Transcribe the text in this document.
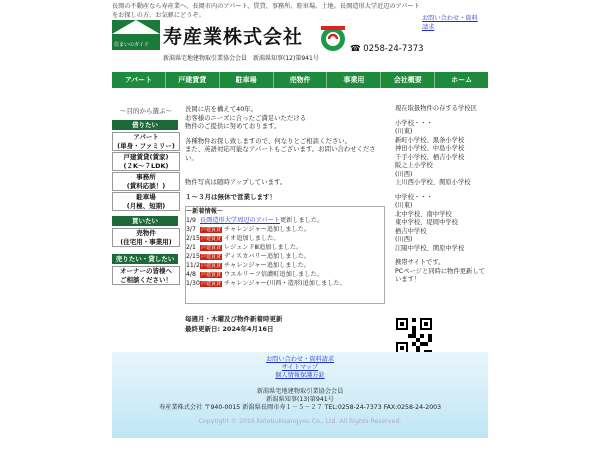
長岡の不動産なら寿産業へ。長岡市内のアパート、賃貸、事務所、駐車場、土地。長岡造形大学近辺のアパートをお探しの方、お気軽にどうぞ。	お問い合わせ・資料請求
住まいのガイド 寿産業株式会社
☎ 0258-24-7373
新潟県宅地建物取引業協会会員　新潟県知事(12)第941号
アパート	戸建賃貸	駐車場	売物件	事業用	会社概要	ホーム
～目的から選ぶ～
借りたい
アパート
(単身・ファミリー)
戸建賃貸(賃家)
(２K～７LDK)
事務所
(賃料応談！)
駐車場
(月極、短期)
買いたい
売物件
(住宅用・事業用)
売りたい・貸したい
オーナーの皆様へ
ご相談ください！

長岡に店を構えて40年。
お客様のニーズに合ったご満足いただける
物件のご提供に努めております。

各種物件お探し致しますので、何なりとご相談ください。
また、英語対応可能なアパートもございます。お問い合わせください。

物件写真は随時アップしています。
１～３月は無休で営業します！
～新着情報～
1/9 長岡造形大学周辺のアパート更新しました。
3/7 戸建賃貸 チャレンジャー追加しました。
2/15戸建賃貸 イオ追加しました。
2/1 戸建賃貸 レジェンドⅢ追加しました。
2/15戸建賃貸 ディスカバリー追加しました。
11/2戸建賃貸 チャレンジャー追加しました。
4/8 戸建賃貸 ウエルリーフ信濃町追加しました。
1/30戸建賃貸 チャレンジャー(川西・造形)追加しました。
毎週月・木曜及び物件新着時更新
最終更新日: 2024年4月16日
現在取扱物件の存する学校区
小学校・・・
(川東)
新町小学校、黒条小学校
神田小学校、中島小学校
千手小学校、栖吉小学校
阪之上小学校
(川西)
上川西小学校、関原小学校
中学校・・・
(川東)
北中学校、南中学校
東中学校、堤岡中学校
栖吉中学校
(川西)
江陽中学校、関原中学校
携帯サイトです。
PCページと同時に物件更新しています！
お問い合わせ・資料請求
サイトマップ
個人情報保護方針
新潟県宅地建物取引業協会会員
新潟県知事(13)第941号
寿産業株式会社 〒940-0015 新潟県長岡市寿１－５－２７ TEL:0258-24-7373 FAX:0258-24-2003
Copyright © 2016 Kotobukisangyou Co., Ltd. All Rights Reserved.
